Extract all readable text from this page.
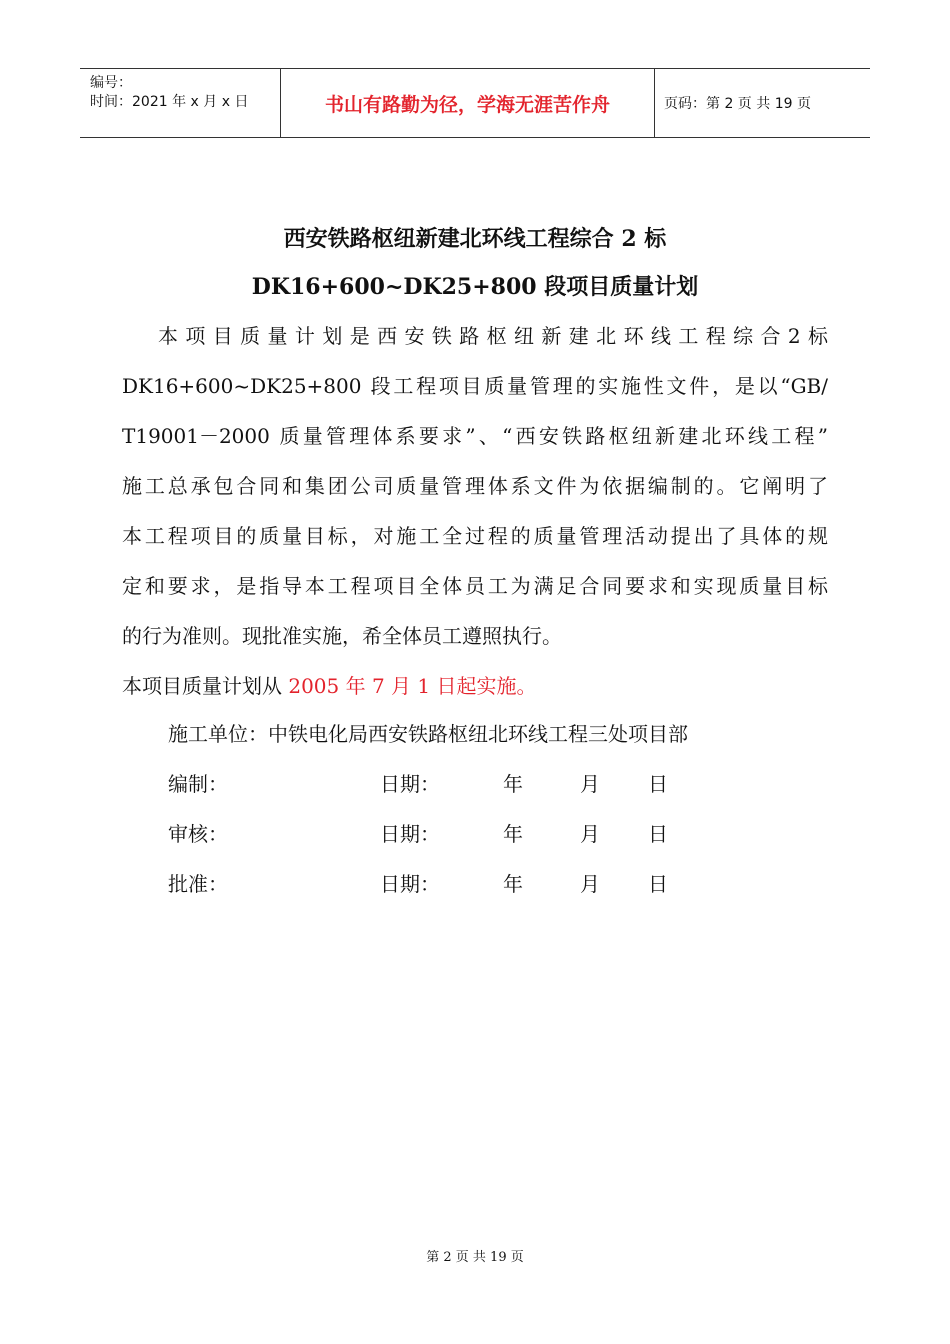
编号：
时间：2021 年 x 月 x 日	书山有路勤为径，学海无涯苦作舟	页码：第 2 页 共 19 页
西安铁路枢纽新建北环线工程综合 2 标
DK16+600~DK25+800 段项目质量计划
本项目质量计划是西安铁路枢纽新建北环线工程综合2标
DK16+600~DK25+800 段工程项目质量管理的实施性文件，是以“GB/
T19001－2000 质量管理体系要求”、“西安铁路枢纽新建北环线工程”
施工总承包合同和集团公司质量管理体系文件为依据编制的。它阐明了
本工程项目的质量目标，对施工全过程的质量管理活动提出了具体的规
定和要求，是指导本工程项目全体员工为满足合同要求和实现质量目标
的行为准则。现批准实施，希全体员工遵照执行。
本项目质量计划从 2005 年 7 月 1 日起实施。
施工单位：中铁电化局西安铁路枢纽北环线工程三处项目部
编制：	日期：	年	月 日
审核：	日期：	年	月 日
批准：	日期：	年	月 日
第 2 页 共 19 页
